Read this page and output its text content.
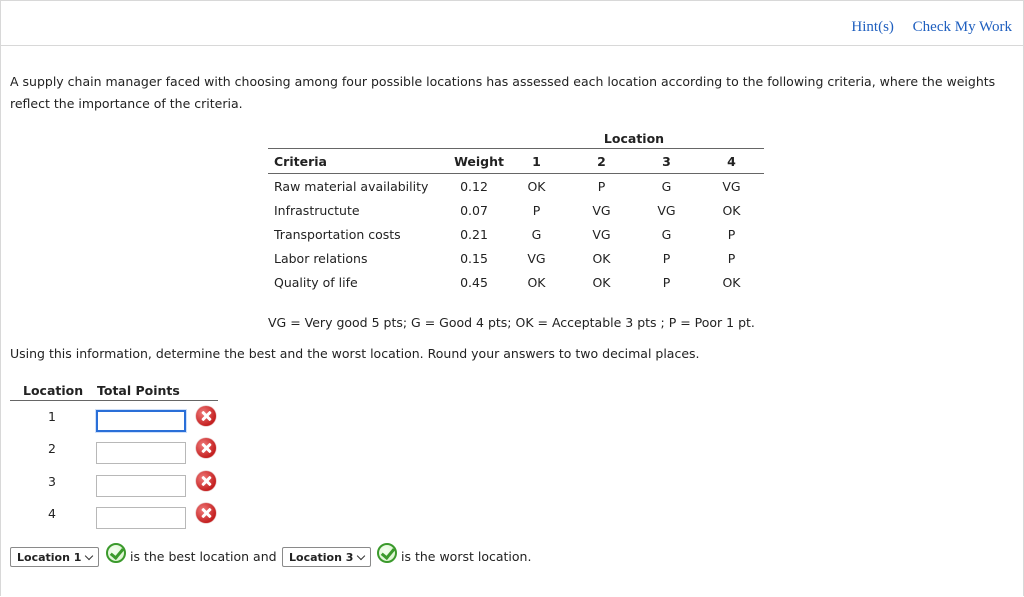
Hint(s) Check My Work
A supply chain manager faced with choosing among four possible locations has assessed each location according to the following criteria, where the weights reflect the importance of the criteria.
		Location			
Criteria	Weight	1	2	3	4
Raw material availability	0.12	OK	P	G	VG
Infrastructute	0.07	P	VG	VG	OK
Transportation costs	0.21	G	VG	G	P
Labor relations	0.15	VG	OK	P	P
Quality of life	0.45	OK	OK	P	OK
VG = Very good 5 pts; G = Good 4 pts; OK = Acceptable 3 pts ; P = Poor 1 pt.
Using this information, determine the best and the worst location. Round your answers to two decimal places.
Location Total Points
1
2
3
4
Location 1	is the best location and	Location 3	is the worst location.
